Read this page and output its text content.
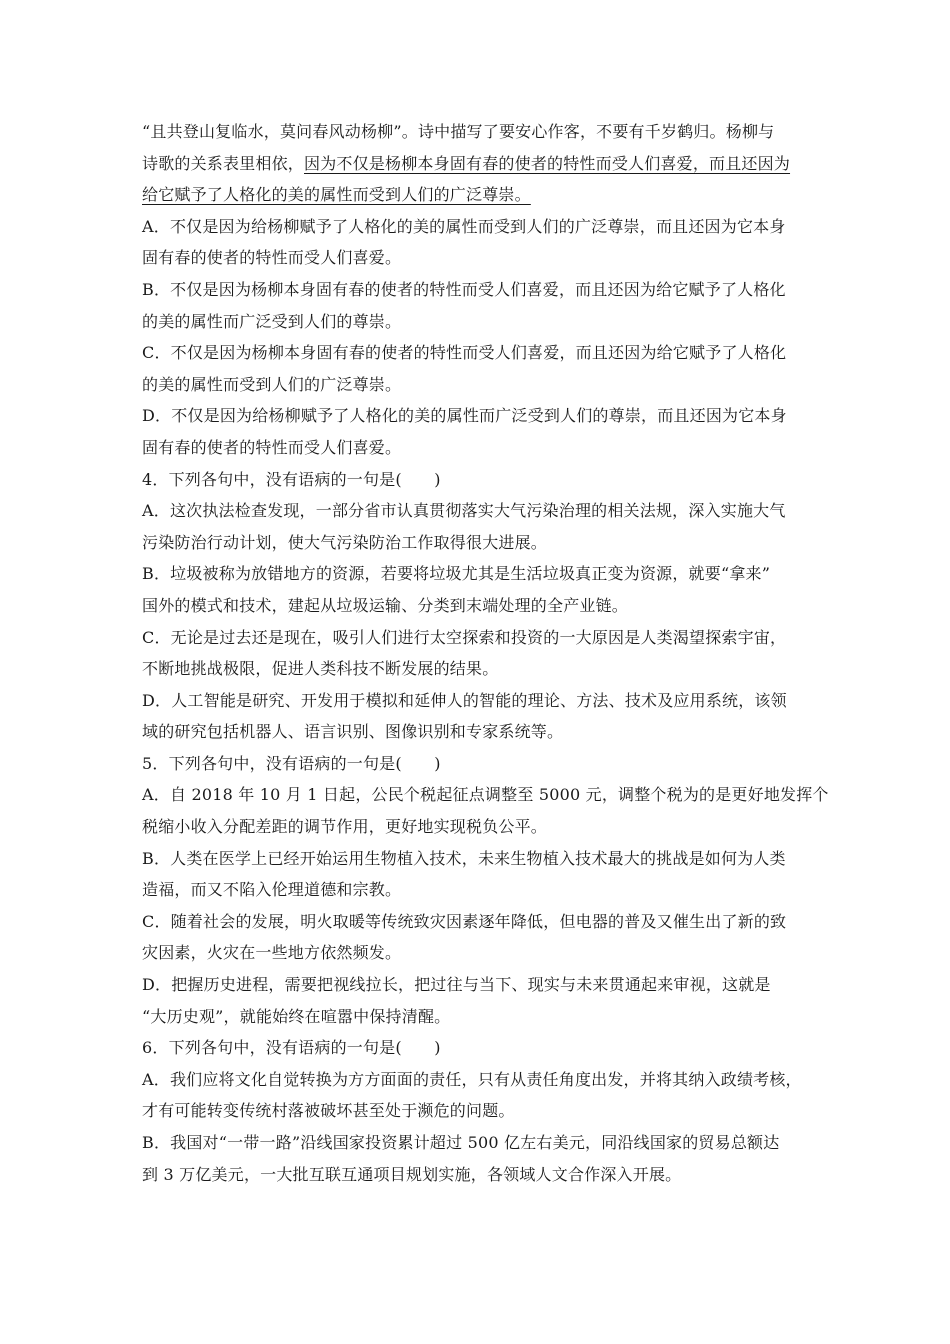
“且共登山复临水，莫问春风动杨柳”。诗中描写了要安心作客，不要有千岁鹤归。杨柳与
诗歌的关系表里相依，因为不仅是杨柳本身固有春的使者的特性而受人们喜爱，而且还因为
给它赋予了人格化的美的属性而受到人们的广泛尊崇。
A．不仅是因为给杨柳赋予了人格化的美的属性而受到人们的广泛尊崇，而且还因为它本身
固有春的使者的特性而受人们喜爱。
B．不仅是因为杨柳本身固有春的使者的特性而受人们喜爱，而且还因为给它赋予了人格化
的美的属性而广泛受到人们的尊崇。
C．不仅是因为杨柳本身固有春的使者的特性而受人们喜爱，而且还因为给它赋予了人格化
的美的属性而受到人们的广泛尊崇。
D．不仅是因为给杨柳赋予了人格化的美的属性而广泛受到人们的尊崇，而且还因为它本身
固有春的使者的特性而受人们喜爱。
4．下列各句中，没有语病的一句是(　　)
A．这次执法检查发现，一部分省市认真贯彻落实大气污染治理的相关法规，深入实施大气
污染防治行动计划，使大气污染防治工作取得很大进展。
B．垃圾被称为放错地方的资源，若要将垃圾尤其是生活垃圾真正变为资源，就要“拿来”
国外的模式和技术，建起从垃圾运输、分类到末端处理的全产业链。
C．无论是过去还是现在，吸引人们进行太空探索和投资的一大原因是人类渴望探索宇宙，
不断地挑战极限，促进人类科技不断发展的结果。
D．人工智能是研究、开发用于模拟和延伸人的智能的理论、方法、技术及应用系统，该领
域的研究包括机器人、语言识别、图像识别和专家系统等。
5．下列各句中，没有语病的一句是(　　)
A．自 2018 年 10 月 1 日起，公民个税起征点调整至 5000 元，调整个税为的是更好地发挥个
税缩小收入分配差距的调节作用，更好地实现税负公平。
B．人类在医学上已经开始运用生物植入技术，未来生物植入技术最大的挑战是如何为人类
造福，而又不陷入伦理道德和宗教。
C．随着社会的发展，明火取暖等传统致灾因素逐年降低，但电器的普及又催生出了新的致
灾因素，火灾在一些地方依然频发。
D．把握历史进程，需要把视线拉长，把过往与当下、现实与未来贯通起来审视，这就是
“大历史观”，就能始终在喧嚣中保持清醒。
6．下列各句中，没有语病的一句是(　　)
A．我们应将文化自觉转换为方方面面的责任，只有从责任角度出发，并将其纳入政绩考核，
才有可能转变传统村落被破坏甚至处于濒危的问题。
B．我国对“一带一路”沿线国家投资累计超过 500 亿左右美元，同沿线国家的贸易总额达
到 3 万亿美元，一大批互联互通项目规划实施，各领域人文合作深入开展。
